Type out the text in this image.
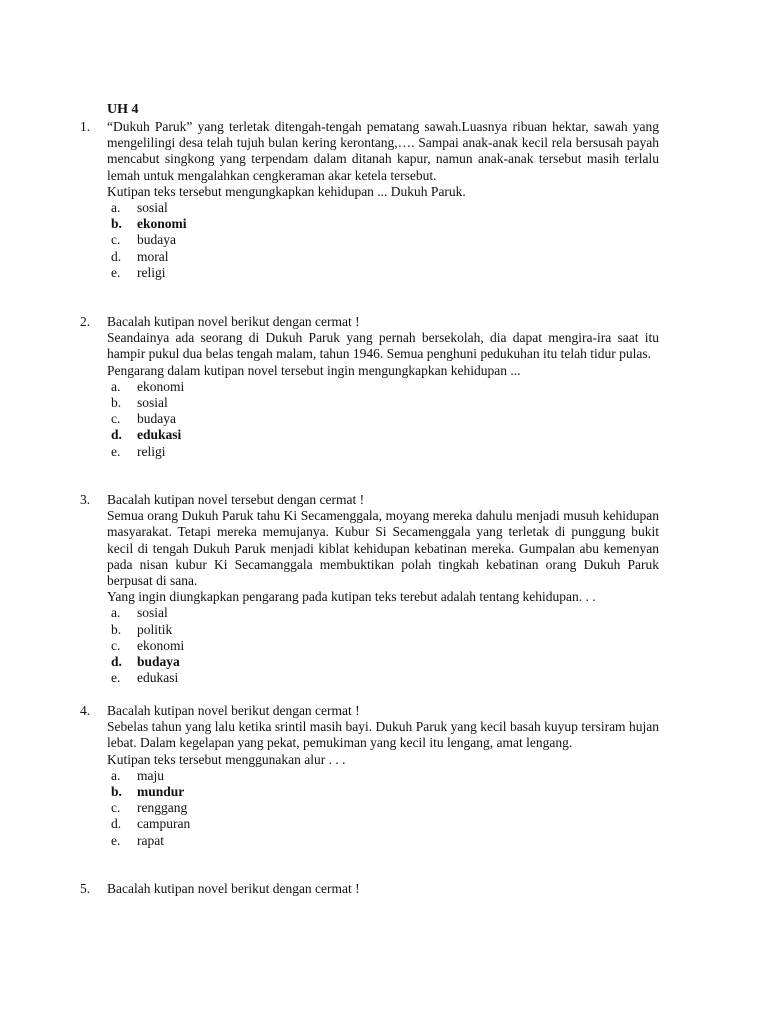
UH 4
1. “Dukuh Paruk” yang terletak ditengah-tengah pematang sawah.Luasnya ribuan hektar, sawah yang mengelilingi desa telah tujuh bulan kering kerontang,…. Sampai anak-anak kecil rela bersusah payah mencabut singkong yang terpendam dalam ditanah kapur, namun anak-anak tersebut masih terlalu lemah untuk mengalahkan cengkeraman akar ketela tersebut.

Kutipan teks tersebut mengungkapkan kehidupan ... Dukuh Paruk.

a. sosial
b. ekonomi
c. budaya
d. moral
e. religi
2. Bacalah kutipan novel berikut dengan cermat !

Seandainya ada seorang di Dukuh Paruk yang pernah bersekolah, dia dapat mengira-ira saat itu hampir pukul dua belas tengah malam, tahun 1946. Semua penghuni pedukuhan itu telah tidur pulas.

Pengarang dalam kutipan novel tersebut ingin mengungkapkan kehidupan ...

a. ekonomi
b. sosial
c. budaya
d. edukasi
e. religi
3. Bacalah kutipan novel tersebut dengan cermat !

Semua orang Dukuh Paruk tahu Ki Secamenggala, moyang mereka dahulu menjadi musuh kehidupan masyarakat. Tetapi mereka memujanya. Kubur Si Secamenggala yang terletak di punggung bukit kecil di tengah Dukuh Paruk menjadi kiblat kehidupan kebatinan mereka. Gumpalan abu kemenyan pada nisan kubur Ki Secamanggala membuktikan polah tingkah kebatinan orang Dukuh Paruk berpusat di sana.

Yang ingin diungkapkan pengarang pada kutipan teks terebut adalah tentang kehidupan. . .

a. sosial
b. politik
c. ekonomi
d. budaya
e. edukasi
4. Bacalah kutipan novel berikut dengan cermat !

Sebelas tahun yang lalu ketika srintil masih bayi. Dukuh Paruk yang kecil basah kuyup tersiram hujan lebat. Dalam kegelapan yang pekat, pemukiman yang kecil itu lengang, amat lengang.

Kutipan teks tersebut menggunakan alur . . .

a. maju
b. mundur
c. renggang
d. campuran
e. rapat
5. Bacalah kutipan novel berikut dengan cermat !
